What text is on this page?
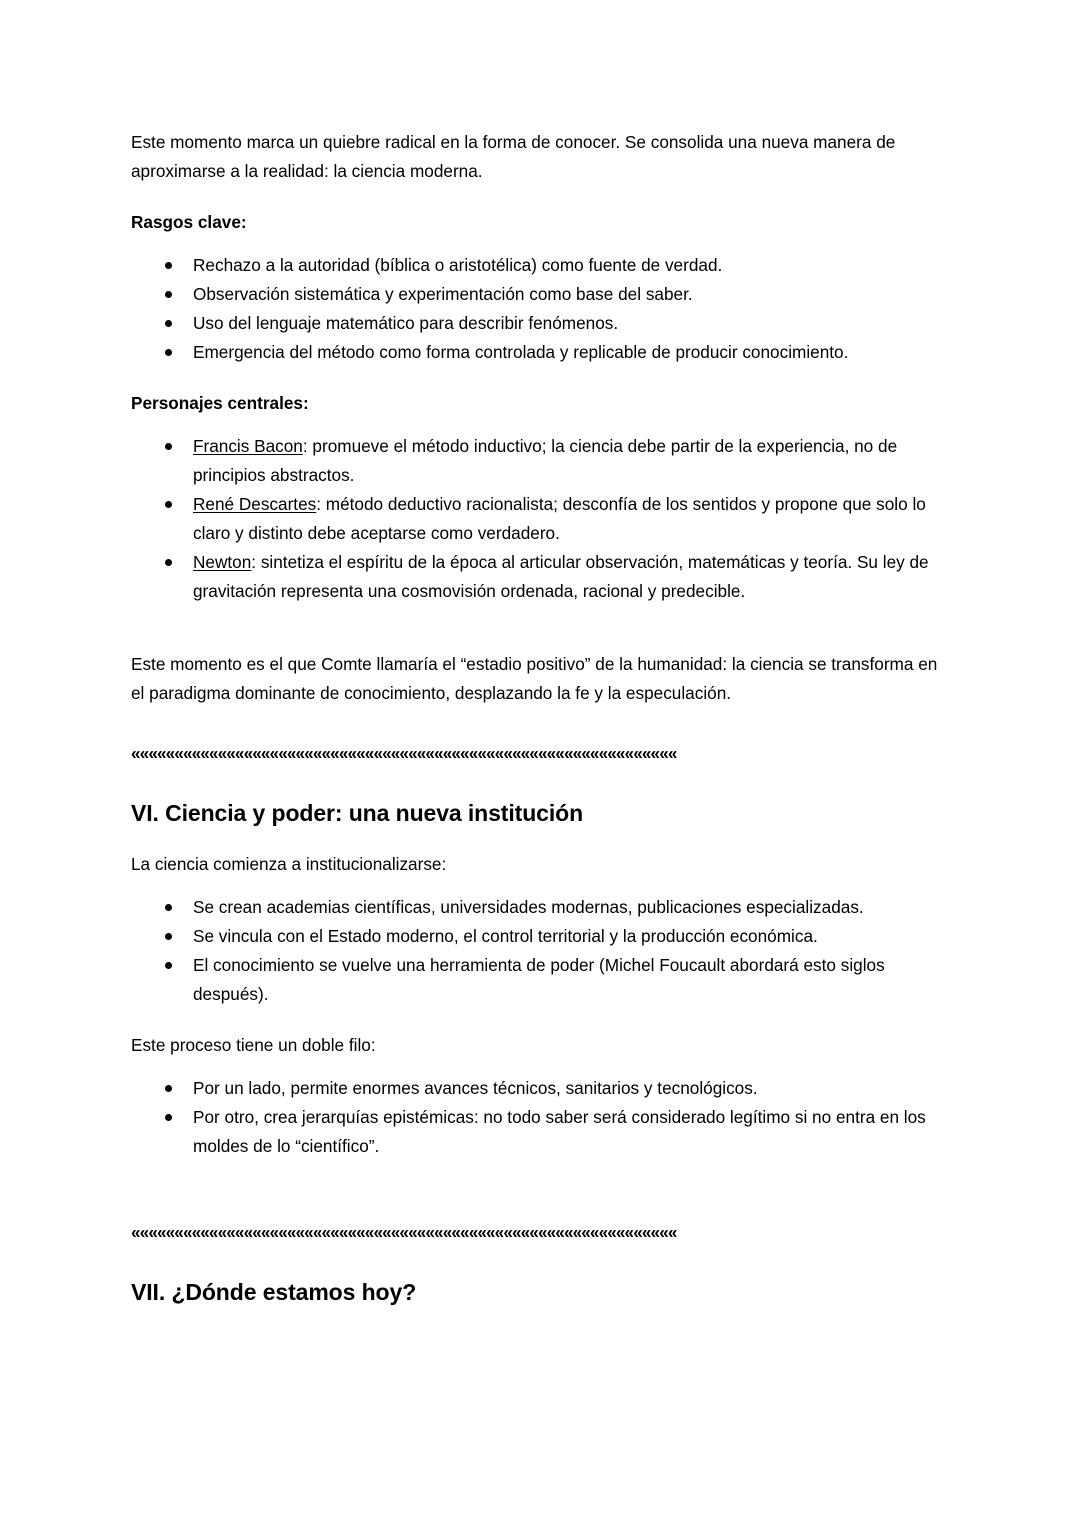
Este momento marca un quiebre radical en la forma de conocer. Se consolida una nueva manera de aproximarse a la realidad: la ciencia moderna.

Rasgos clave:

Rechazo a la autoridad (bíblica o aristotélica) como fuente de verdad.
Observación sistemática y experimentación como base del saber.
Uso del lenguaje matemático para describir fenómenos.
Emergencia del método como forma controlada y replicable de producir conocimiento.

Personajes centrales:

Francis Bacon: promueve el método inductivo; la ciencia debe partir de la experiencia, no de principios abstractos.
René Descartes: método deductivo racionalista; desconfía de los sentidos y propone que solo lo claro y distinto debe aceptarse como verdadero.
Newton: sintetiza el espíritu de la época al articular observación, matemáticas y teoría. Su ley de gravitación representa una cosmovisión ordenada, racional y predecible.

Este momento es el que Comte llamaría el “estadio positivo” de la humanidad: la ciencia se transforma en el paradigma dominante de conocimiento, desplazando la fe y la especulación.

«««««««««««««««««««««««««««««««««««««««««««««««««««««««««««««««
VI. Ciencia y poder: una nueva institución

La ciencia comienza a institucionalizarse:

Se crean academias científicas, universidades modernas, publicaciones especializadas.
Se vincula con el Estado moderno, el control territorial y la producción económica.
El conocimiento se vuelve una herramienta de poder (Michel Foucault abordará esto siglos después).

Este proceso tiene un doble filo:

Por un lado, permite enormes avances técnicos, sanitarios y tecnológicos.
Por otro, crea jerarquías epistémicas: no todo saber será considerado legítimo si no entra en los moldes de lo “científico”.
«««««««««««««««««««««««««««««««««««««««««««««««««««««««««««««««
VII. ¿Dónde estamos hoy?
